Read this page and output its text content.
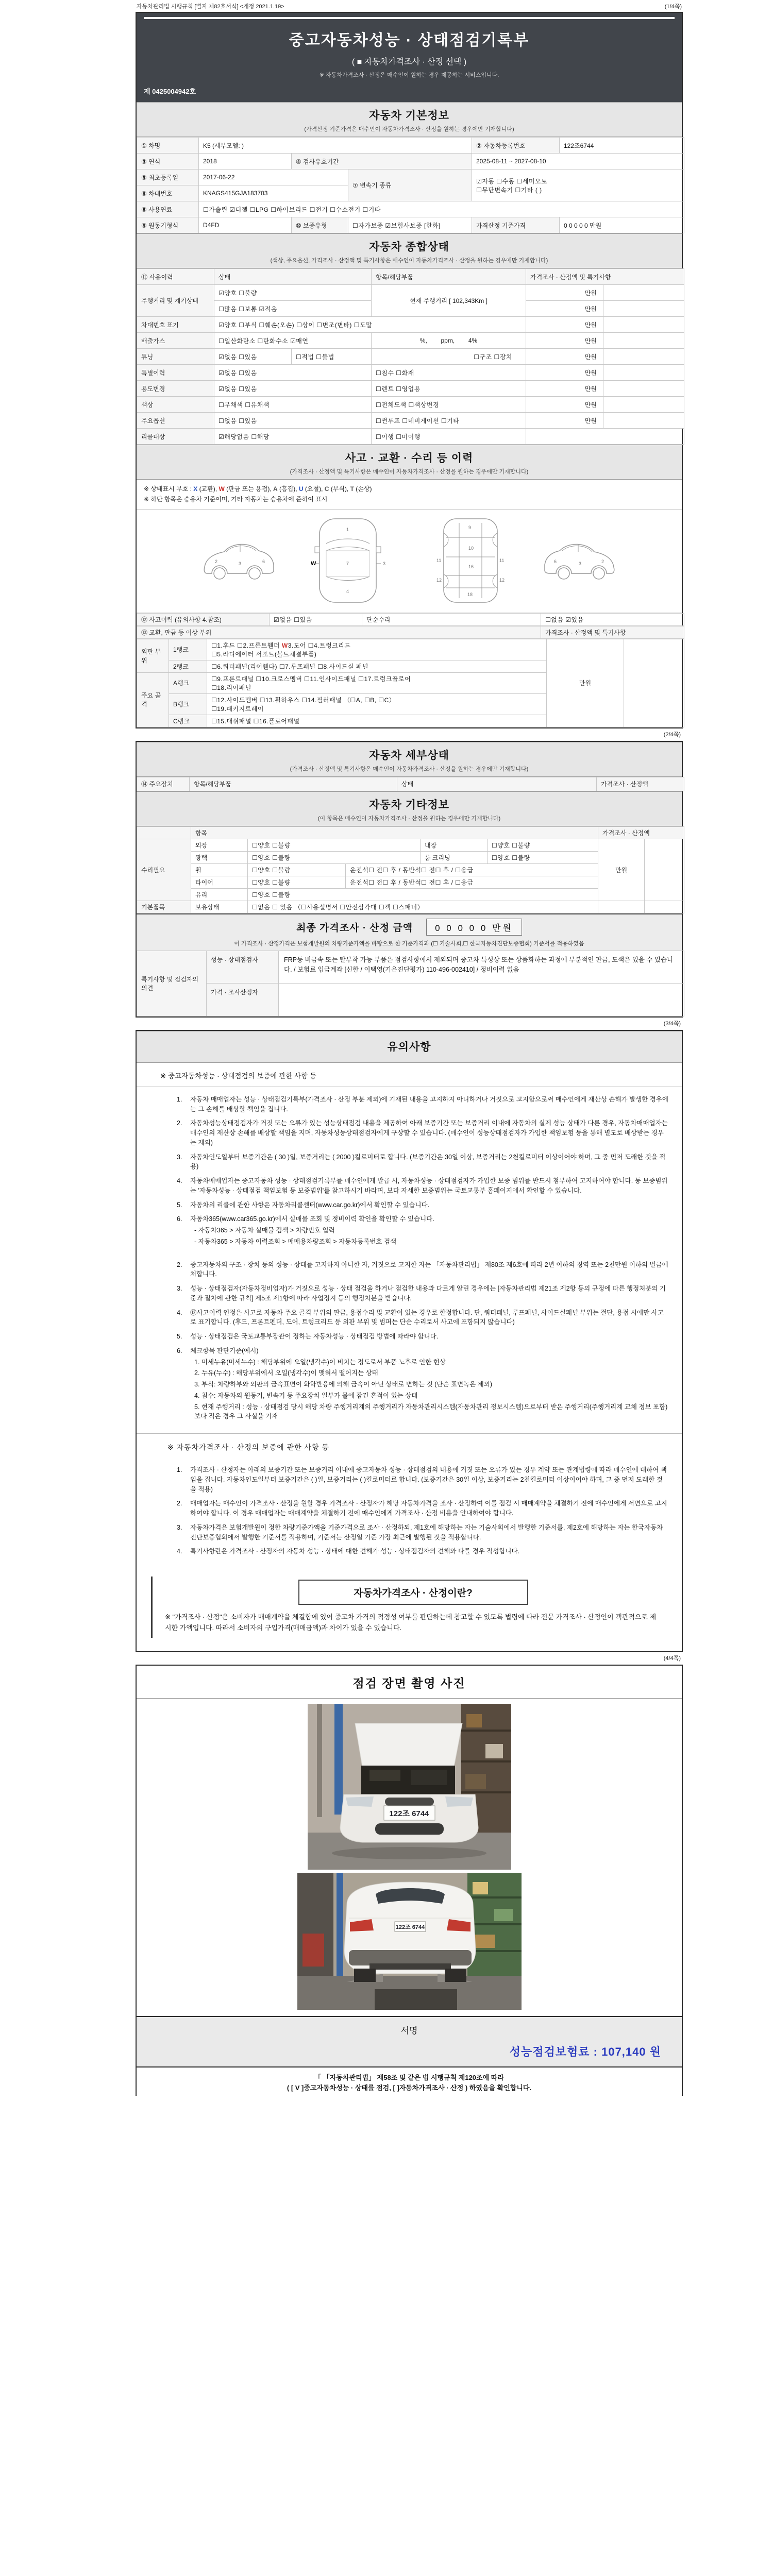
자동차관리법 시행규칙 [별지 제82호서식] <개정 2021.1.19>	(1/4쪽)
중고자동차성능 · 상태점검기록부
( ■ 자동차가격조사 · 산정 선택 )
※ 자동차가격조사 · 산정은 매수인이 원하는 경우 제공하는 서비스입니다.
제 0425004942호
자동차 기본정보
(가격산정 기준가격은 매수인이 자동차가격조사 · 산정을 원하는 경우에만 기재합니다)
① 차명	K5 (세부모델: )			② 자동차등록번호	122조6744
③ 연식	2018	④ 검사유효기간		2025-08-11 ~ 2027-08-10	
⑤ 최초등록일	2017-06-22		⑦ 변속기 종류	☑자동 ☐수동 ☐세미오토
☐무단변속기 ☐기타 ( )	

⑥ 차대번호	KNAGS415GJA183703				
⑧ 사용연료	☐가솔린 ☑디젤 ☐LPG ☐하이브리드 ☐전기 ☐수소전기 ☐기타				
⑨ 원동기형식	D4FD	⑩ 보증유형	☐자가보증 ☑보험사보증 [한화]	가격산정 기준가격	0 0 0 0 0 만원
자동차 종합상태
(색상, 주요옵션, 가격조사 · 산정액 및 특기사항은 매수인이 자동차가격조사 · 산정을 원하는 경우에만 기재합니다)
⑪ 사용이력	상태		항목/해당부품	가격조사 · 산정액 및 특기사항	
주행거리 및 계기상태	☑양호 ☐불량		현재 주행거리 [ 102,343Km ]	만원	
	☐많음 ☐보통 ☑적음			만원	
차대번호 표기	☑양호 ☐부식 ☐훼손(오손) ☐상이 ☐변조(변타) ☐도말			만원	
배출가스	☐일산화탄소 ☐탄화수소 ☑매연		%,        ppm,        4%	만원	
튜닝	☑없음 ☐있음	☐적법 ☐불법	☐구조 ☐장치	만원	
특별이력	☑없음 ☐있음		☐침수 ☐화재	만원	
용도변경	☑없음 ☐있음		☐렌트 ☐영업용	만원	
색상	☐무채색 ☐유채색		☐전체도색 ☐색상변경	만원	
주요옵션	☐없음 ☐있음		☐썬루프 ☐네비게이션 ☐기타	만원	
리콜대상	☑해당없음 ☐해당		☐이행 ☐미이행		
사고 · 교환 · 수리 등 이력
(가격조사 · 산정액 및 특기사항은 매수인이 자동차가격조사 · 산정을 원하는 경우에만 기재합니다)
※ 상태표시 부호 : X (교환), W (판금 또는 용접), A (흠집), U (요철), C (부식), T (손상)
※ 하단 항목은 승용차 기준이며, 기타 자동차는 승용차에 준하여 표시
2	3	6
1
7
4
W	3
9
10
16
18
11	11
12	12
2
3
6
⑫ 사고이력 (유의사항 4.참조)	☑없음 ☐있음	단순수리	☐없음 ☑있음
⑬ 교환, 판금 등 이상 부위	가격조사 · 산정액 및 특기사항
외판 부위	1랭크	☐1.후드 ☐2.프론트휀더 W3.도어 ☐4.트렁크리드
☐5.라디에이터 서포트(볼트체결부품)	만원	
	2랭크	☐6.쿼터패널(리어휀다) ☐7.루프패널 ☐8.사이드실 패널		
주요 골격	A랭크	☐9.프론트패널 ☐10.크로스멤버 ☐11.인사이드패널 ☐17.트렁크플로어
☐18.리어패널		

	B랭크	☐12.사이드멤버 ☐13.휠하우스 ☐14.필러패널 （☐A, ☐B, ☐C）
☐19.패키지트레이		

	C랭크	☐15.대쉬패널 ☐16.플로어패널		
(2/4쪽)
자동차 세부상태
(가격조사 · 산정액 및 특기사항은 매수인이 자동차가격조사 · 산정을 원하는 경우에만 기재합니다)
⑭ 주요장치	항목/해당부품	상태	가격조사 · 산정액
자동차 기타정보
(이 항목은 매수인이 자동차가격조사 · 산정을 원하는 경우에만 기재합니다)
	항목					가격조사 · 산정액	
수리필요	외장	☐양호 ☐불량		내장	☐양호 ☐불량	만원	
	광택	☐양호 ☐불량		룸 크리닝	☐양호 ☐불량		
	휠	☐양호 ☐불량	운전석☐ 전☐ 후 / 동반석☐ 전☐ 후 / ☐응급				
	타이어	☐양호 ☐불량	운전석☐ 전☐ 후 / 동반석☐ 전☐ 후 / ☐응급				
	유리	☐양호 ☐불량					
기본품목	보유상태	☐없음 ☐ 있음 （☐사용설명서 ☐안전삼각대 ☐잭 ☐스패너）					
최종 가격조사 · 산정 금액	0 0 0 0 0 만원
이 가격조사 · 산정가격은 보험개발원의 차량기준가액을 바탕으로 한 기준가격과 (☐ 기술사회,☐ 한국자동차진단보증협회) 기준서를 적용하였음
특기사항 및 점검자의 의견	성능 · 상태점검자	FRP등 비금속 또는 탈부착 가능 부품은 점검사항에서 제외되며 중고차 특성상 또는 상품화하는 과정에 부분적인 판금, 도색은 있을 수 있습니다. / 보험료 입금계좌 [신한 / 이택영(기은진단평가) 110-496-002410] / 정비이력 없음
	가격 · 조사산정자	
(3/4쪽)
유의사항
※ 중고자동차성능 · 상태점검의 보증에 관한 사항 등
1.	자동차 매매업자는 성능 · 상태점검기록부(가격조사 · 산정 부분 제외)에 기재된 내용을 고지하지 아니하거나 거짓으로 고지함으로써 매수인에게 재산상 손해가 발생한 경우에는 그 손해를 배상할 책임을 집니다.
2.	자동차성능상태점검자가 거짓 또는 오류가 있는 성능상태점검 내용을 제공하여 아래 보증기간 또는 보증거리 이내에 자동차의 실제 성능 상태가 다른 경우, 자동차매매업자는 매수인의 재산상 손해를 배상할 책임을 지며, 자동차성능상태점검자에게 구상할 수 있습니다. (매수인이 성능상태점검자가 가입한 책임보험 등을 통해 별도로 배상받는 경우는 제외)
3.	자동차인도일부터 보증기간은 ( 30 )일, 보증거리는 ( 2000 )킬로미터로 합니다. (보증기간은 30일 이상, 보증거리는 2천킬로미터 이상이어야 하며, 그 중 먼저 도래한 것을 적용)
4.	자동차매매업자는 중고자동차 성능 · 상태점검기록부를 매수인에게 발급 시, 자동차성능 · 상태점검자가 가입한 보증 범위를 반드시 첨부하여 고지하여야 합니다. 동 보증범위는 '자동차성능 · 상태점검 책임보험 등 보증범위'를 참고하시기 바라며, 보다 자세한 보증범위는 국토교통부 홈페이지에서 확인할 수 있습니다.
5.	자동차의 리콜에 관한 사항은 자동차리콜센터(www.car.go.kr)에서 확인할 수 있습니다.
6.	자동차365(www.car365.go.kr)에서 실매물 조회 및 정비이력 확인을 확인할 수 있습니다.
- 자동차365 > 자동차 실매물 검색 > 차량번호 입력
- 자동차365 > 자동차 이력조회 > 매매용차량조회 > 자동차등록번호 검색
2.	중고자동차의 구조 · 장치 등의 성능 · 상태를 고지하지 아니한 자, 거짓으로 고지한 자는 「자동차관리법」 제80조 제6호에 따라 2년 이하의 징역 또는 2천만원 이하의 벌금에 처합니다.
3.	성능 · 상태점검자(자동차정비업자)가 거짓으로 성능 · 상태 점검을 하거나 점검한 내용과 다르게 알린 경우에는 [자동차관리법 제21조 제2항 등의 규정에 따른 행정처분의 기준과 절차에 관한 규칙] 제5조 제1항에 따라 사업정지 등의 행정처분을 받습니다.
4.	⑫사고이력 인정은 사고로 자동차 주요 골격 부위의 판금, 용접수리 및 교환이 있는 경우로 한정합니다. 단, 쿼터패널, 루프패널, 사이드실패널 부위는 절단, 용접 시에만 사고로 표기합니다. (후드, 프론트펜더, 도어, 트렁크리드 등 외판 부위 및 범퍼는 단순 수리로서 사고에 포함되지 않습니다)
5.	성능 · 상태점검은 국토교통부장관이 정하는 자동차성능 · 상태점검 방법에 따라야 합니다.
6.	체크항목 판단기준(예시)
1. 미세누유(미세누수) : 해당부위에 오일(냉각수)이 비치는 정도로서 부품 노후로 인한 현상
2. 누유(누수) : 해당부위에서 오일(냉각수)이 맺혀서 떨어지는 상태
3. 부식: 차량하부와 외판의 금속표면이 화학반응에 의해 금속이 아닌 상태로 변하는 것 (단순 표면녹은 제외)
4. 침수: 자동차의 원동기, 변속기 등 주요장치 일부가 물에 잠긴 흔적이 있는 상태
5. 현재 주행거리 : 성능 · 상태점검 당시 해당 차량 주행거리계의 주행거리가 자동차관리시스템(자동차관리 정보시스템)으로부터 받은 주행거리(주행거리계 교체 정보 포함)보다 적은 경우 그 사실을 기재
※ 자동차가격조사 · 산정의 보증에 관한 사항 등
1.	가격조사 · 산정자는 아래의 보증기간 또는 보증거리 이내에 중고자동차 성능 · 상태점검의 내용에 거짓 또는 오류가 있는 경우 계약 또는 관계법령에 따라 매수인에 대하여 책임을 집니다. 자동차인도일부터 보증기간은 ( )일, 보증거리는 ( )킬로미터로 합니다. (보증기간은 30일 이상, 보증거리는 2천킬로미터 이상이어야 하며, 그 중 먼저 도래한 것을 적용)
2.	매매업자는 매수인이 가격조사 · 산정을 원할 경우 가격조사 · 산정자가 해당 자동차가격을 조사 · 산정하여 이를 점검 시 매매계약을 체결하기 전에 매수인에게 서면으로 고지하여야 합니다. 이 경우 매매업자는 매매계약을 체결하기 전에 매수인에게 가격조사 · 산정 비용을 안내하여야 합니다.
3.	자동차가격은 보험개발원이 정한 차량기준가액을 기준가격으로 조사 · 산정하되, 제1호에 해당하는 자는 기술사회에서 발행한 기준서를, 제2호에 해당하는 자는 한국자동차진단보증협회에서 발행한 기준서를 적용하며, 기준서는 산정일 기준 가장 최근에 발행된 것을 적용합니다.
4.	특기사항란은 가격조사 · 산정자의 자동차 성능 · 상태에 대한 견해가 성능 · 상태점검자의 견해와 다를 경우 작성합니다.
자동차가격조사 · 산정이란?
※ "가격조사 · 산정"은 소비자가 매매계약을 체결함에 있어 중고차 가격의 적정성 여부를 판단하는데 참고할 수 있도록 법령에 따라 전문 가격조사 · 산정인이 객관적으로 제시한 가액입니다. 따라서 소비자의 구입가격(매매금액)과 차이가 있을 수 있습니다.
(4/4쪽)
점검 장면 촬영 사진
122조 6744
122조 6744
서명
성능점검보험료 : 107,140 원
「 「자동차관리법」 제58조 및 같은 법 시행규칙 제120조에 따라
( [ V ]중고자동차성능 · 상태를 점검, [ ]자동차가격조사 · 산정 ) 하였음을 확인합니다.
